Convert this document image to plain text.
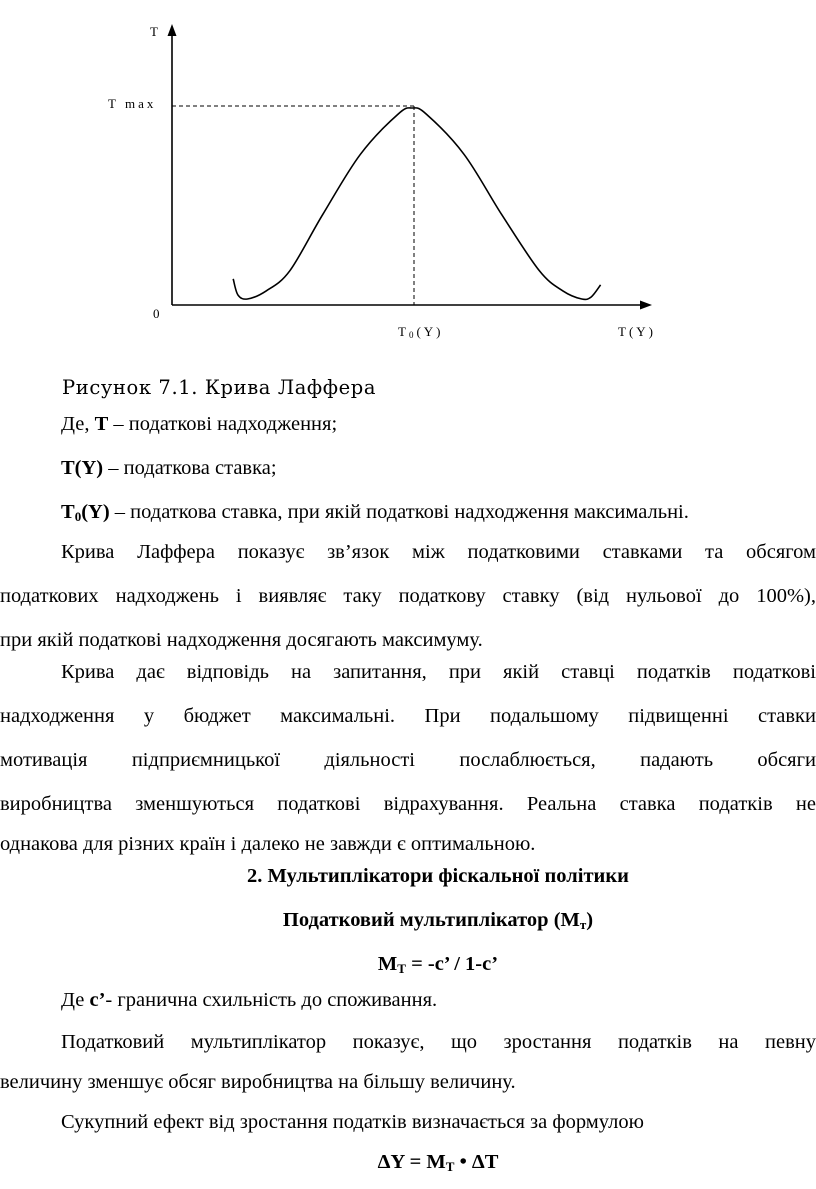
T
T max
0
T0(Y)	T(Y)
Рисунок 7.1. Крива Лаффера
Де, T – податкові надходження;
T(Y) – податкова ставка;
$T_0(Y)$ – податкова ставка, при якій податкові надходження максимальні.
Крива Лаффера показує зв’язок між податковими ставками та обсягом
податкових надходжень і виявляє таку податкову ставку (від нульової до 100%),
при якій податкові надходження досягають максимуму.
Крива дає відповідь на запитання, при якій ставці податків податкові
надходження у бюджет максимальні. При подальшому підвищенні ставки
мотивація підприємницької діяльності послаблюється, падають обсяги
виробництва зменшуються податкові відрахування. Реальна ставка податків не
однакова для різних країн і далеко не завжди є оптимальною.
2. Мультиплікатори фіскальної політики
Податковий мультиплікатор $(M_т)$
$M_T = -с$’ / 1-с’
Де с’- гранична схильність до споживання.
Податковий мультиплікатор показує, що зростання податків на певну
величину зменшує обсяг виробництва на більшу величину.
Сукупний ефект від зростання податків визначається за формулою
$\Delta Y = M_T$ • ΔT
